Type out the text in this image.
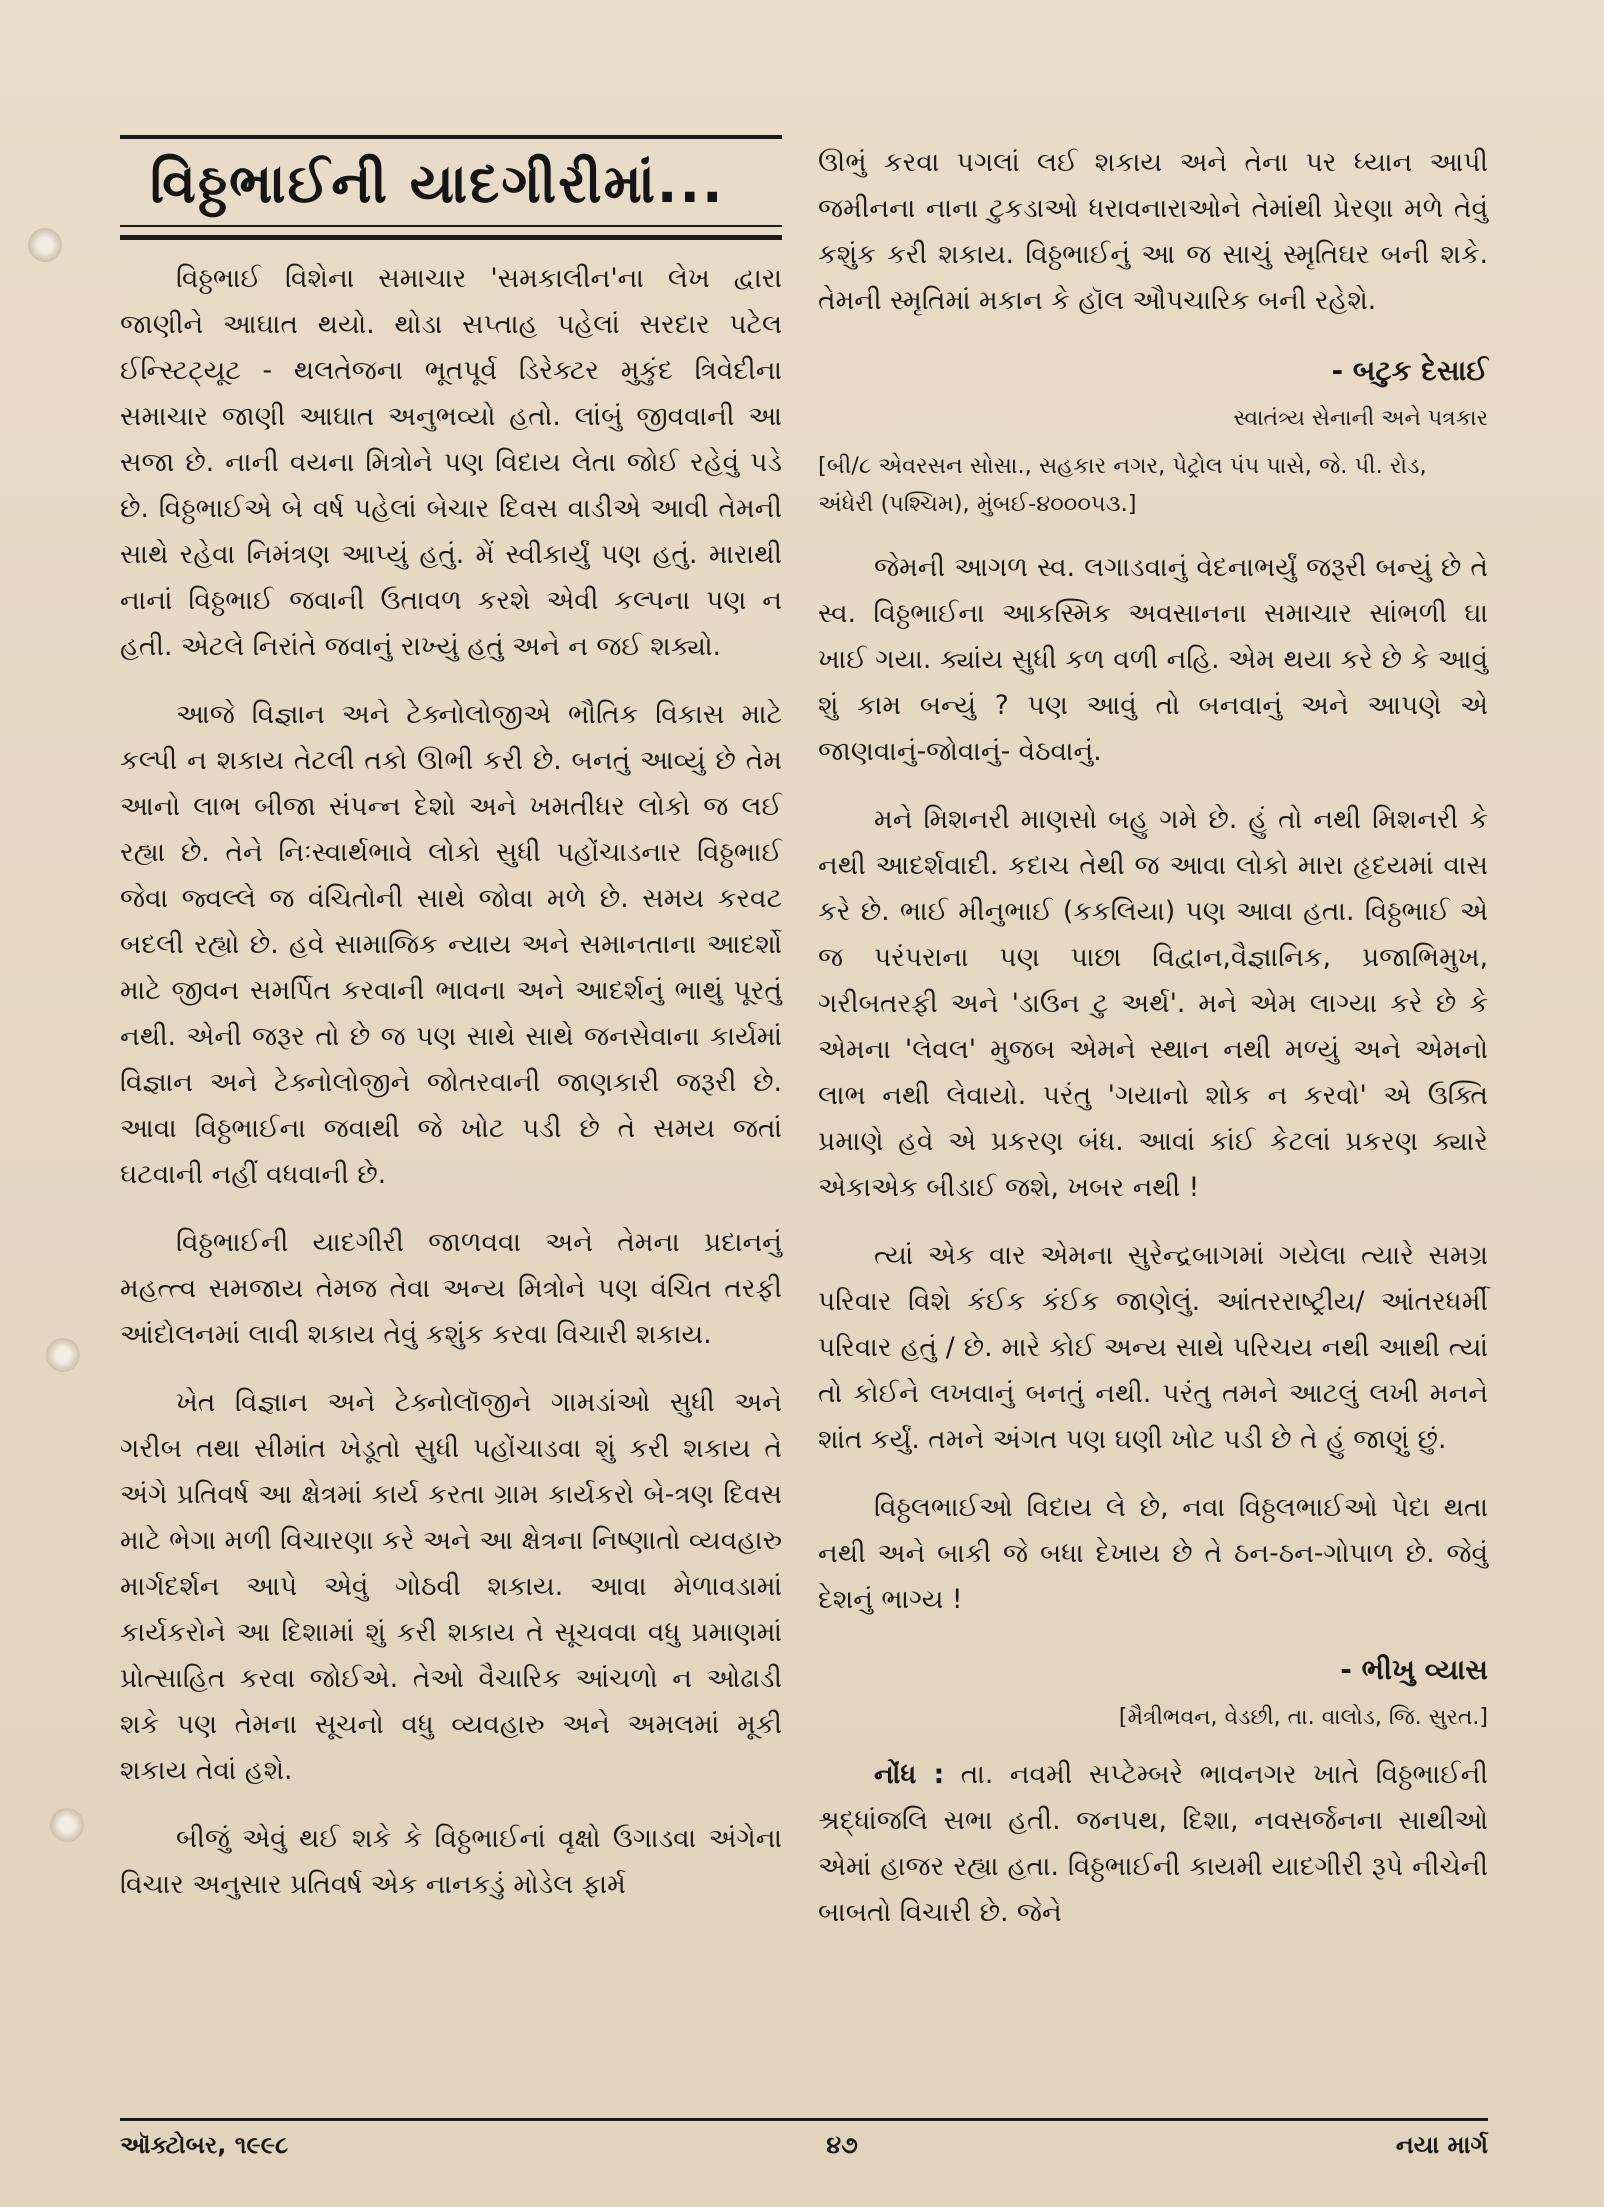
વિઠ્ઠભાઈની યાદગીરીમાં...

વિઠ્ઠભાઈ વિશેના સમાચાર 'સમકાલીન'ના લેખ દ્વારા જાણીને આઘાત થયો. થોડા સપ્તાહ પહેલાં સરદાર પટેલ ઈન્સ્ટિટ્યૂટ - થલતેજના ભૂતપૂર્વ ડિરેક્ટર મુકુંદ ત્રિવેદીના સમાચાર જાણી આઘાત અનુભવ્યો હતો. લાંબું જીવવાની આ સજા છે. નાની વયના મિત્રોને પણ વિદાય લેતા જોઈ રહેવું પડે છે. વિઠ્ઠભાઈએ બે વર્ષ પહેલાં બેચાર દિવસ વાડીએ આવી તેમની સાથે રહેવા નિમંત્રણ આપ્યું હતું. મેં સ્વીકાર્યું પણ હતું. મારાથી નાનાં વિઠ્ઠભાઈ જવાની ઉતાવળ કરશે એવી કલ્પના પણ ન હતી. એટલે નિરાંતે જવાનું રાખ્યું હતું અને ન જઈ શક્યો.

આજે વિજ્ઞાન અને ટેક્નોલોજીએ ભૌતિક વિકાસ માટે કલ્પી ન શકાય તેટલી તકો ઊભી કરી છે. બનતું આવ્યું છે તેમ આનો લાભ બીજા સંપન્ન દેશો અને ખમતીધર લોકો જ લઈ રહ્યા છે. તેને નિઃસ્વાર્થભાવે લોકો સુધી પહોંચાડનાર વિઠ્ઠભાઈ જેવા જ્વલ્લે જ વંચિતોની સાથે જોવા મળે છે. સમય કરવટ બદલી રહ્યો છે. હવે સામાજિક ન્યાય અને સમાનતાના આદર્શો માટે જીવન સમર્પિત કરવાની ભાવના અને આદર્શનું ભાથું પૂરતું નથી. એની જરૂર તો છે જ પણ સાથે સાથે જનસેવાના કાર્યમાં વિજ્ઞાન અને ટેક્નોલોજીને જોતરવાની જાણકારી જરૂરી છે. આવા વિઠ્ઠભાઈના જવાથી જે ખોટ પડી છે તે સમય જતાં ઘટવાની નહીં વધવાની છે.

વિઠ્ઠભાઈની યાદગીરી જાળવવા અને તેમના પ્રદાનનું મહત્ત્વ સમજાય તેમજ તેવા અન્ય મિત્રોને પણ વંચિત તરફી આંદોલનમાં લાવી શકાય તેવું કશુંક કરવા વિચારી શકાય.

ખેત વિજ્ઞાન અને ટેક્નોલૉજીને ગામડાંઓ સુધી અને ગરીબ તથા સીમાંત ખેડૂતો સુધી પહોંચાડવા શું કરી શકાય તે અંગે પ્રતિવર્ષ આ ક્ષેત્રમાં કાર્ય કરતા ગ્રામ કાર્યકરો બે-ત્રણ દિવસ માટે ભેગા મળી વિચારણા કરે અને આ ક્ષેત્રના નિષ્ણાતો વ્યવહારુ માર્ગદર્શન આપે એવું ગોઠવી શકાય. આવા મેળાવડામાં કાર્યકરોને આ દિશામાં શું કરી શકાય તે સૂચવવા વધુ પ્રમાણમાં પ્રોત્સાહિત કરવા જોઈએ. તેઓ વૈચારિક આંચળો ન ઓઢાડી શકે પણ તેમના સૂચનો વધુ વ્યવહારુ અને અમલમાં મૂકી શકાય તેવાં હશે.

બીજું એવું થઈ શકે કે વિઠ્ઠભાઈનાં વૃક્ષો ઉગાડવા અંગેના વિચાર અનુસાર પ્રતિવર્ષ એક નાનકડું મોડેલ ફાર્મ

ઊભું કરવા પગલાં લઈ શકાય અને તેના પર ધ્યાન આપી જમીનના નાના ટુકડાઓ ધરાવનારાઓને તેમાંથી પ્રેરણા મળે તેવું કશુંક કરી શકાય. વિઠ્ઠભાઈનું આ જ સાચું સ્મૃતિઘર બની શકે. તેમની સ્મૃતિમાં મકાન કે હૉલ ઔપચારિક બની રહેશે.

- બટુક દેસાઈ
સ્વાતંત્ર્ય સેનાની અને પત્રકાર
[બી/૮ એવરસન સોસા., સહકાર નગર, પેટ્રોલ પંપ પાસે, જે. પી. રોડ, અંધેરી (પશ્ચિમ), મુંબઈ-૪૦૦૦૫૩.]

જેમની આગળ સ્વ. લગાડવાનું વેદનાભર્યું જરૂરી બન્યું છે તે સ્વ. વિઠ્ઠભાઈના આકસ્મિક અવસાનના સમાચાર સાંભળી ઘા ખાઈ ગયા. ક્યાંય સુધી કળ વળી નહિ. એમ થયા કરે છે કે આવું શું કામ બન્યું ? પણ આવું તો બનવાનું અને આપણે એ જાણવાનું-જોવાનું- વેઠવાનું.

મને મિશનરી માણસો બહુ ગમે છે. હું તો નથી મિશનરી કે નથી આદર્શવાદી. કદાચ તેથી જ આવા લોકો મારા હૃદયમાં વાસ કરે છે. ભાઈ મીનુભાઈ (કકલિયા) પણ આવા હતા. વિઠ્ઠભાઈ એ જ પરંપરાના પણ પાછા વિદ્વાન,વૈજ્ઞાનિક, પ્રજાભિમુખ, ગરીબતરફી અને 'ડાઉન ટુ અર્થ'. મને એમ લાગ્યા કરે છે કે એમના 'લેવલ' મુજબ એમને સ્થાન નથી મળ્યું અને એમનો લાભ નથી લેવાયો. પરંતુ 'ગયાનો શોક ન કરવો' એ ઉક્તિ પ્રમાણે હવે એ પ્રકરણ બંધ. આવાં કાંઈ કેટલાં પ્રકરણ ક્યારે એકાએક બીડાઈ જશે, ખબર નથી !

ત્યાં એક વાર એમના સુરેન્દ્રબાગમાં ગયેલા ત્યારે સમગ્ર પરિવાર વિશે કંઈક કંઈક જાણેલું. આંતરરાષ્ટ્રીય/ આંતરધર્મી પરિવાર હતું / છે. મારે કોઈ અન્ય સાથે પરિચય નથી આથી ત્યાં તો કોઈને લખવાનું બનતું નથી. પરંતુ તમને આટલું લખી મનને શાંત કર્યું. તમને અંગત પણ ઘણી ખોટ પડી છે તે હું જાણું છું.

વિઠ્ઠલભાઈઓ વિદાય લે છે, નવા વિઠ્ઠલભાઈઓ પેદા થતા નથી અને બાકી જે બધા દેખાય છે તે ઠન-ઠન-ગોપાળ છે. જેવું દેશનું ભાગ્ય !

- ભીખુ વ્યાસ
[મૈત્રીભવન, વેડછી, તા. વાલોડ, જિ. સુરત.]

નોંધ : તા. નવમી સપ્ટેમ્બરે ભાવનગર ખાતે વિઠ્ઠભાઈની શ્રદ્ધાંજલિ સભા હતી. જનપથ, દિશા, નવસર્જનના સાથીઓ એમાં હાજર રહ્યા હતા. વિઠ્ઠભાઈની કાયમી યાદગીરી રૂપે નીચેની બાબતો વિચારી છે. જેને

ઑક્ટોબર, ૧૯૯૮	૪૭	નયા માર્ગ
